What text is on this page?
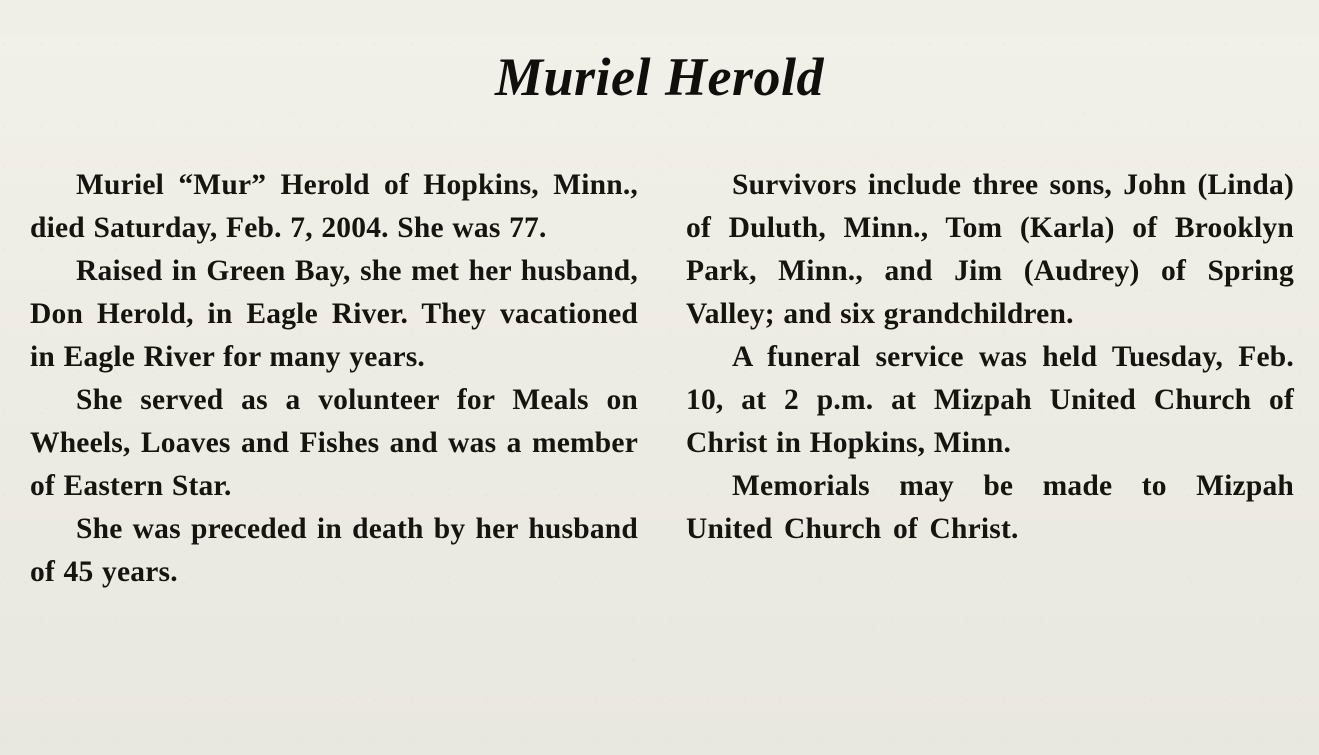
Muriel Herold

Muriel “Mur” Herold of Hopkins, Minn., died Saturday, Feb. 7, 2004. She was 77.

Raised in Green Bay, she met her husband, Don Herold, in Eagle River. They vacationed in Eagle River for many years.

She served as a volunteer for Meals on Wheels, Loaves and Fishes and was a member of Eastern Star.

She was preceded in death by her husband of 45 years.

Survivors include three sons, John (Linda) of Duluth, Minn., Tom (Karla) of Brooklyn Park, Minn., and Jim (Audrey) of Spring Valley; and six grandchildren.

A funeral service was held Tuesday, Feb. 10, at 2 p.m. at Mizpah United Church of Christ in Hopkins, Minn.

Memorials may be made to Mizpah United Church of Christ.
